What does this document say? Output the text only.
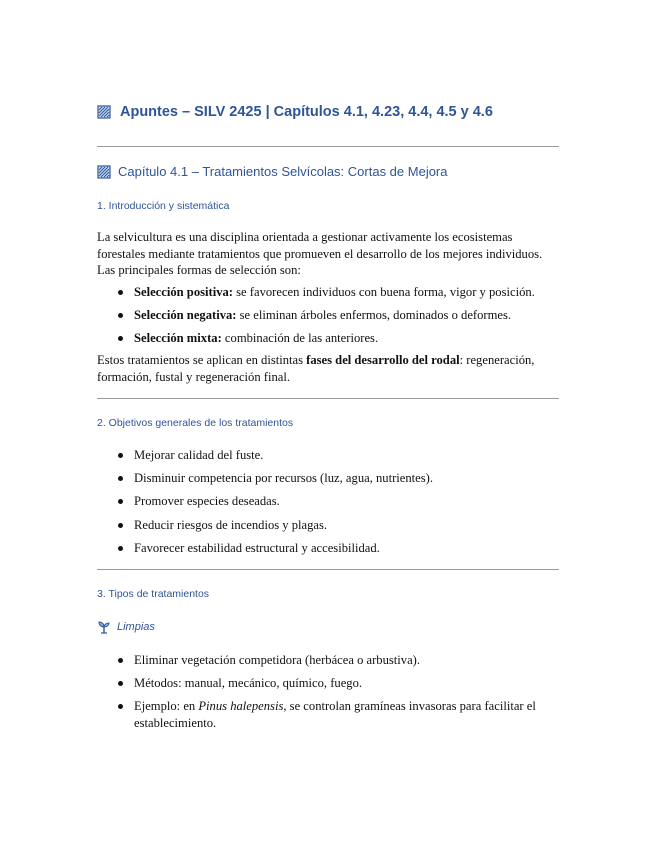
Apuntes – SILV 2425 | Capítulos 4.1, 4.23, 4.4, 4.5 y 4.6
Capítulo 4.1 – Tratamientos Selvícolas: Cortas de Mejora
1. Introducción y sistemática
La selvicultura es una disciplina orientada a gestionar activamente los ecosistemas forestales mediante tratamientos que promueven el desarrollo de los mejores individuos. Las principales formas de selección son:
Selección positiva: se favorecen individuos con buena forma, vigor y posición.
Selección negativa: se eliminan árboles enfermos, dominados o deformes.
Selección mixta: combinación de las anteriores.
Estos tratamientos se aplican en distintas fases del desarrollo del rodal: regeneración, formación, fustal y regeneración final.
2. Objetivos generales de los tratamientos
Mejorar calidad del fuste.
Disminuir competencia por recursos (luz, agua, nutrientes).
Promover especies deseadas.
Reducir riesgos de incendios y plagas.
Favorecer estabilidad estructural y accesibilidad.
3. Tipos de tratamientos
Limpias
Eliminar vegetación competidora (herbácea o arbustiva).
Métodos: manual, mecánico, químico, fuego.
Ejemplo: en Pinus halepensis, se controlan gramíneas invasoras para facilitar el establecimiento.
